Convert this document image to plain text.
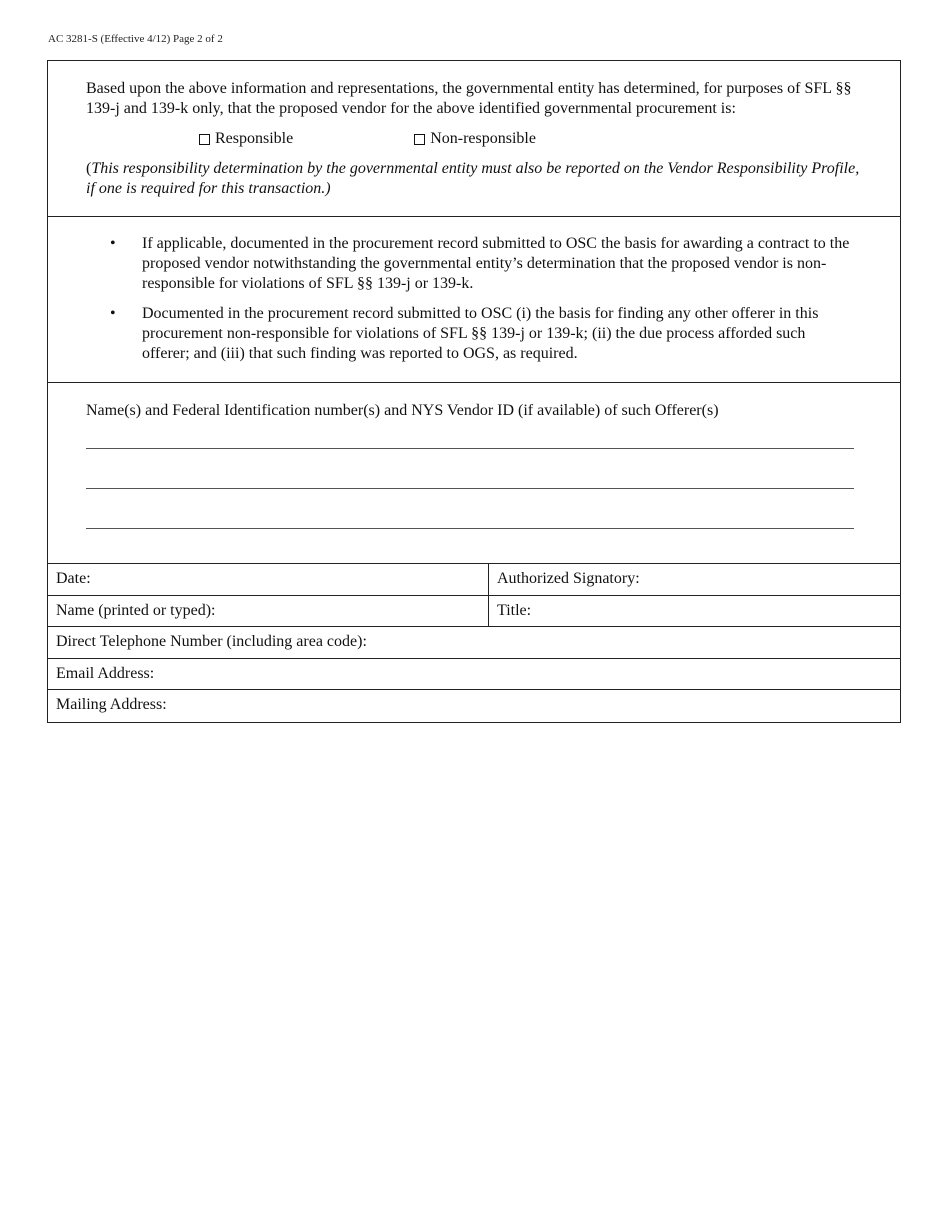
AC 3281-S (Effective 4/12) Page 2 of 2

Based upon the above information and representations, the governmental entity has determined, for purposes of SFL §§ 139-j and 139-k only, that the proposed vendor for the above identified governmental procurement is:

Responsible	Non-responsible

(This responsibility determination by the governmental entity must also be reported on the Vendor Responsibility Profile, if one is required for this transaction.)

•	If applicable, documented in the procurement record submitted to OSC the basis for awarding a contract to the proposed vendor notwithstanding the governmental entity’s determination that the proposed vendor is non-responsible for violations of SFL §§ 139-j or 139-k.
•	Documented in the procurement record submitted to OSC (i) the basis for finding any other offerer in this procurement non-responsible for violations of SFL §§ 139-j or 139-k; (ii) the due process afforded such offerer; and (iii) that such finding was reported to OGS, as required.
Name(s) and Federal Identification number(s) and NYS Vendor ID (if available) of such Offerer(s)
Date:	Authorized Signatory:
Name (printed or typed):	Title:
Direct Telephone Number (including area code):
Email Address:
Mailing Address:
